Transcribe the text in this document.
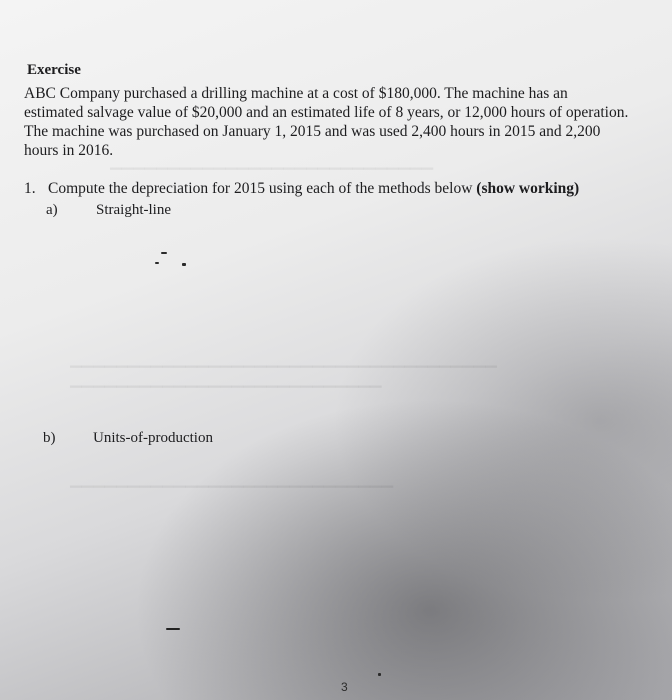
▁▁▁▁▁▁▁▁▁▁▁▁▁▁▁▁▁▁▁▁▁▁▁▁▁▁▁▁
▁▁▁▁▁▁▁▁▁▁▁▁▁▁▁▁▁▁▁▁▁▁▁▁▁▁▁▁▁▁▁▁▁▁▁▁▁
▁▁▁▁▁▁▁▁▁▁▁▁▁▁▁▁▁▁▁▁▁▁▁▁▁▁▁
▁▁▁▁▁▁▁▁▁▁▁▁▁▁▁▁▁▁▁▁▁▁▁▁▁▁▁▁
Exercise
ABC Company purchased a drilling machine at a cost of $180,000. The machine has an
estimated salvage value of $20,000 and an estimated life of 8 years, or 12,000 hours of operation.
The machine was purchased on January 1, 2015 and was used 2,400 hours in 2015 and 2,200
hours in 2016.
1. Compute the depreciation for 2015 using each of the methods below (show working)
a)	Straight-line
b)	Units-of-production
3
